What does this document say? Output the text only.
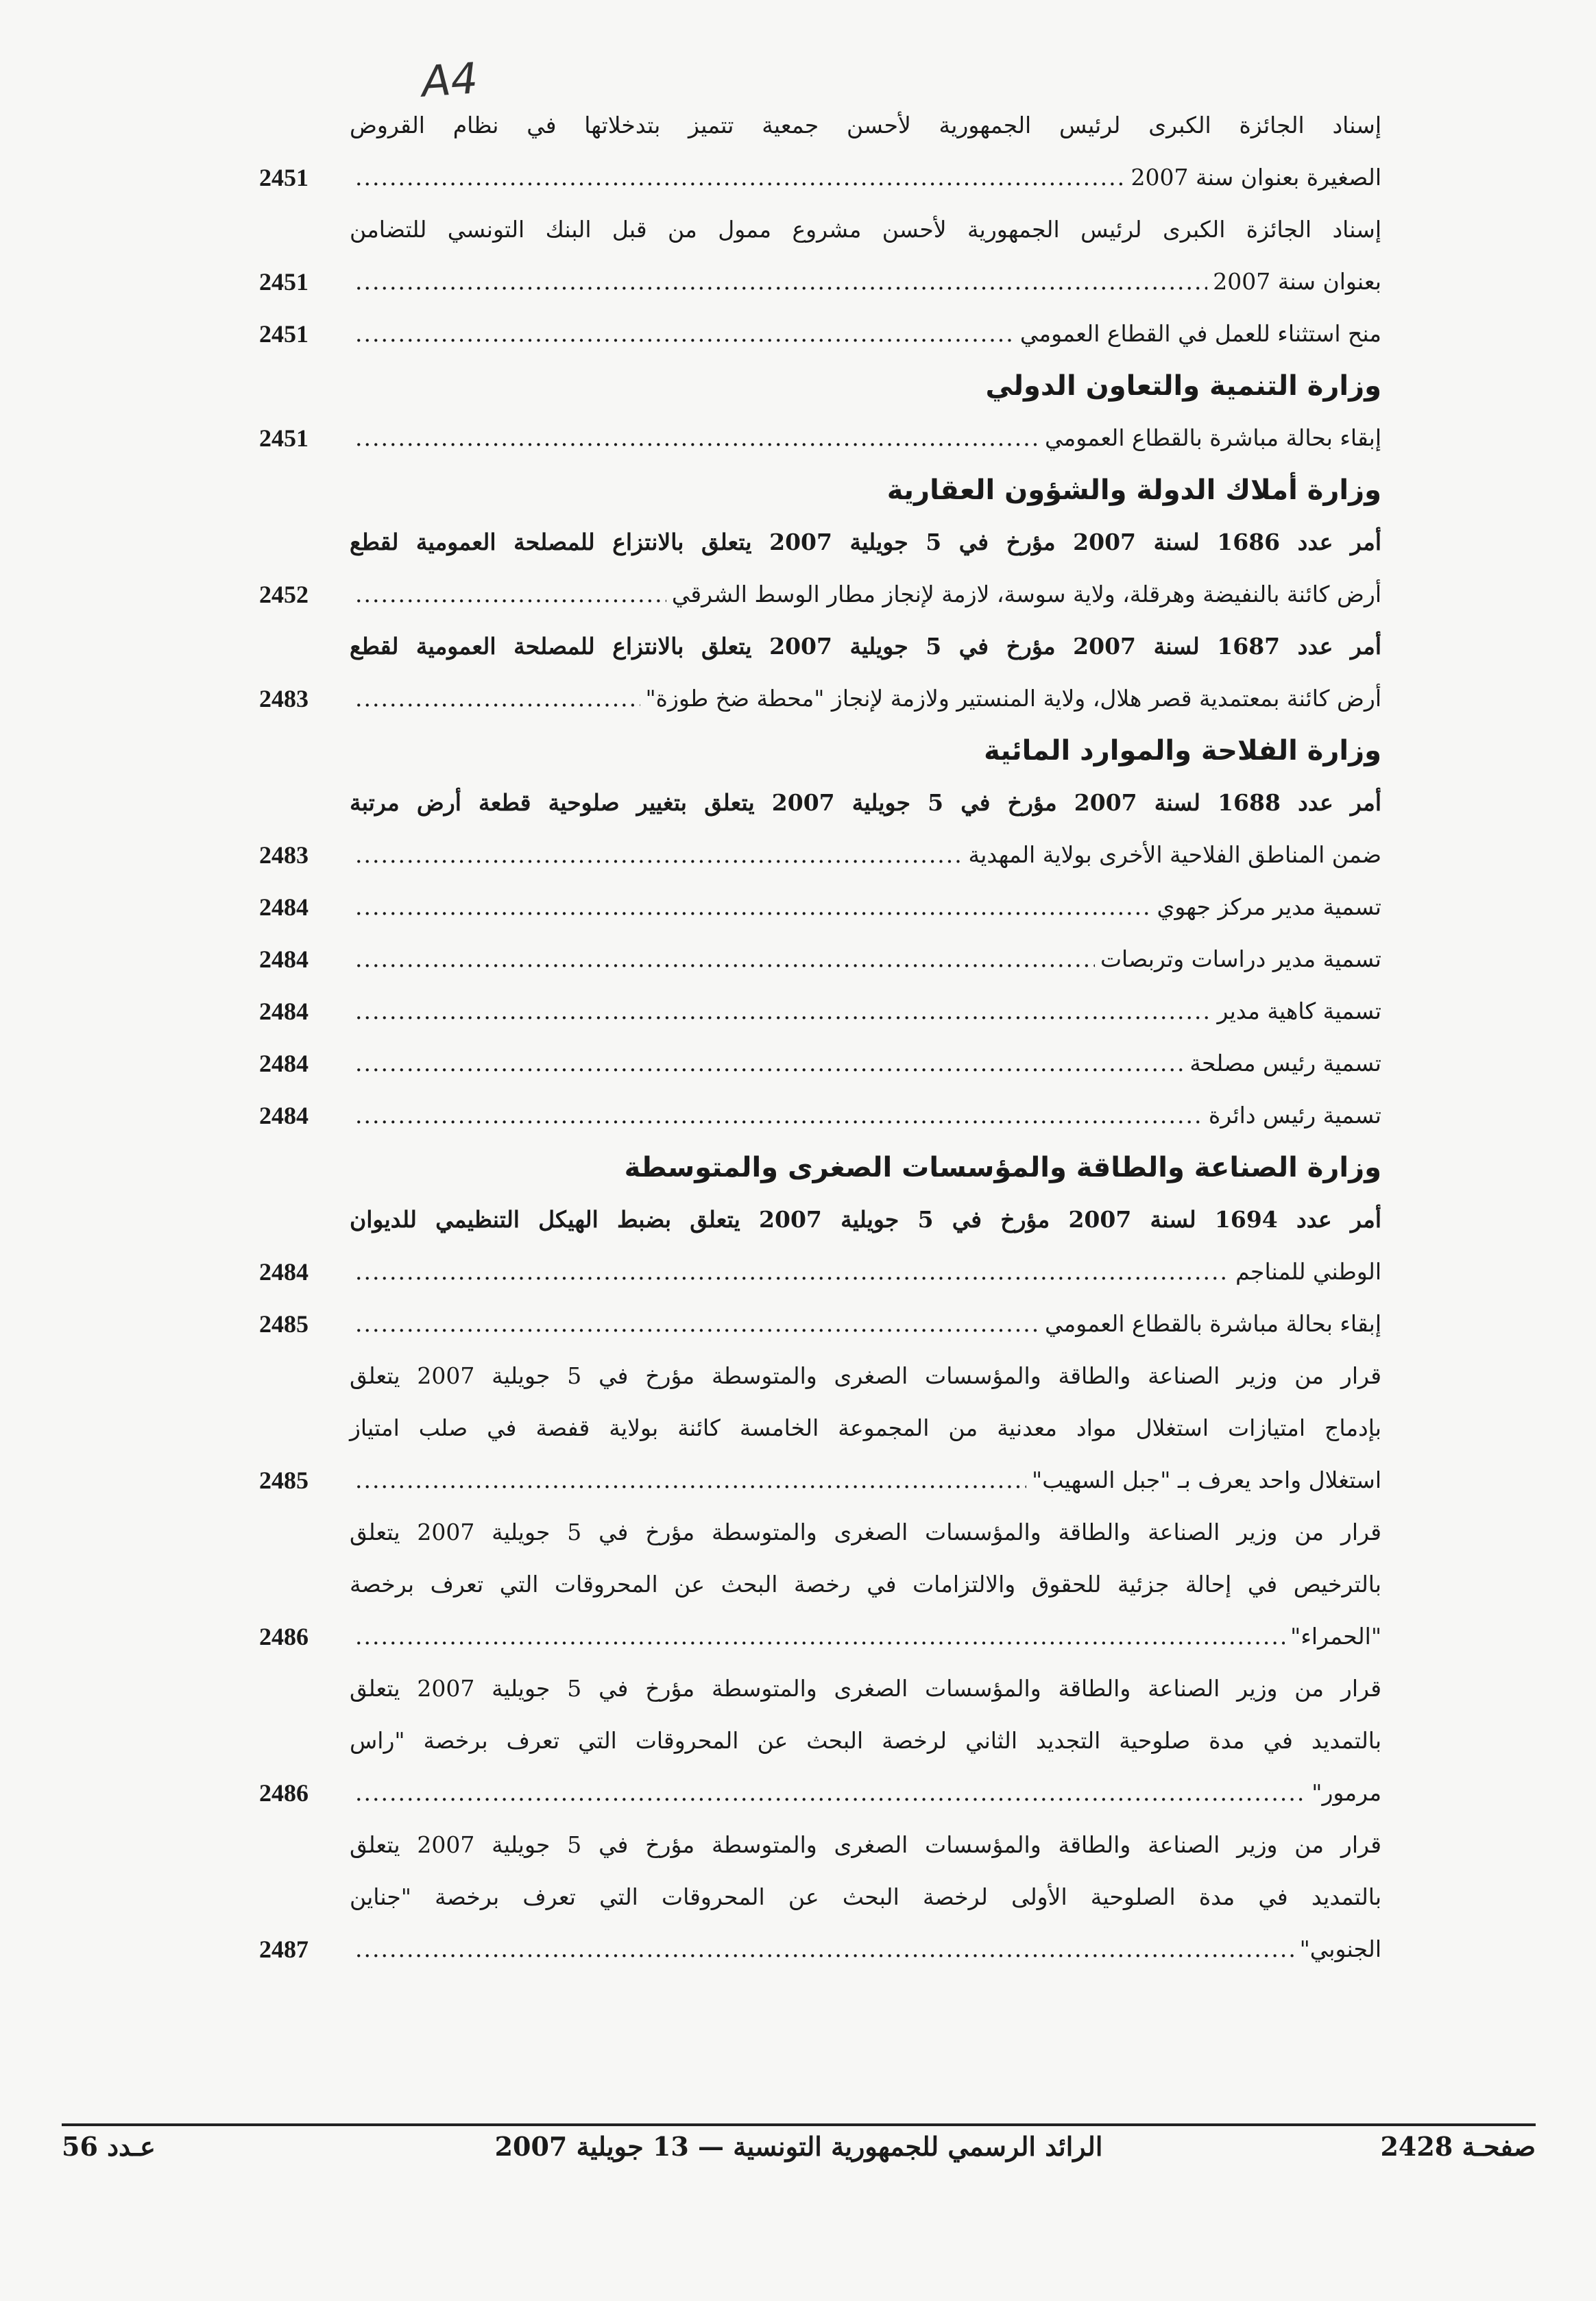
A4
إسناد الجائزة الكبرى لرئيس الجمهورية لأحسن جمعية تتميز بتدخلاتها في نظام القروض
الصغيرة بعنوان سنة 2007
.....
2451
إسناد الجائزة الكبرى لرئيس الجمهورية لأحسن مشروع ممول من قبل البنك التونسي للتضامن
بعنوان سنة 2007
.....
2451
منح استثناء للعمل في القطاع العمومي
.....
2451
وزارة التنمية والتعاون الدولي
إبقاء بحالة مباشرة بالقطاع العمومي
.....
2451
وزارة أملاك الدولة والشؤون العقارية
أمر عدد 1686 لسنة 2007 مؤرخ في 5 جويلية 2007 يتعلق بالانتزاع للمصلحة العمومية لقطع
أرض كائنة بالنفيضة وهرقلة، ولاية سوسة، لازمة لإنجاز مطار الوسط الشرقي
.....
2452
أمر عدد 1687 لسنة 2007 مؤرخ في 5 جويلية 2007 يتعلق بالانتزاع للمصلحة العمومية لقطع
أرض كائنة بمعتمدية قصر هلال، ولاية المنستير ولازمة لإنجاز "محطة ضخ طوزة"
.....
2483
وزارة الفلاحة والموارد المائية
أمر عدد 1688 لسنة 2007 مؤرخ في 5 جويلية 2007 يتعلق بتغيير صلوحية قطعة أرض مرتبة
ضمن المناطق الفلاحية الأخرى بولاية المهدية
.....
2483
تسمية مدير مركز جهوي
.....
2484
تسمية مدير دراسات وتربصات
.....
2484
تسمية كاهية مدير
.....
2484
تسمية رئيس مصلحة
.....
2484
تسمية رئيس دائرة
.....
2484
وزارة الصناعة والطاقة والمؤسسات الصغرى والمتوسطة
أمر عدد 1694 لسنة 2007 مؤرخ في 5 جويلية 2007 يتعلق بضبط الهيكل التنظيمي للديوان
الوطني للمناجم
.....
2484
إبقاء بحالة مباشرة بالقطاع العمومي
.....
2485
قرار من وزير الصناعة والطاقة والمؤسسات الصغرى والمتوسطة مؤرخ في 5 جويلية 2007 يتعلق
بإدماج امتيازات استغلال مواد معدنية من المجموعة الخامسة كائنة بولاية قفصة في صلب امتياز
استغلال واحد يعرف بـ "جبل السهيب"
.....
2485
قرار من وزير الصناعة والطاقة والمؤسسات الصغرى والمتوسطة مؤرخ في 5 جويلية 2007 يتعلق
بالترخيص في إحالة جزئية للحقوق والالتزامات في رخصة البحث عن المحروقات التي تعرف برخصة
"الحمراء"
.....
2486
قرار من وزير الصناعة والطاقة والمؤسسات الصغرى والمتوسطة مؤرخ في 5 جويلية 2007 يتعلق
بالتمديد في مدة صلوحية التجديد الثاني لرخصة البحث عن المحروقات التي تعرف برخصة "راس
مرمور"
.....
2486
قرار من وزير الصناعة والطاقة والمؤسسات الصغرى والمتوسطة مؤرخ في 5 جويلية 2007 يتعلق
بالتمديد في مدة الصلوحية الأولى لرخصة البحث عن المحروقات التي تعرف برخصة "جناين
الجنوبي"
.....
2487
عـدد 56	الرائد الرسمي للجمهورية التونسية — 13 جويلية 2007	صفحـة 2428
